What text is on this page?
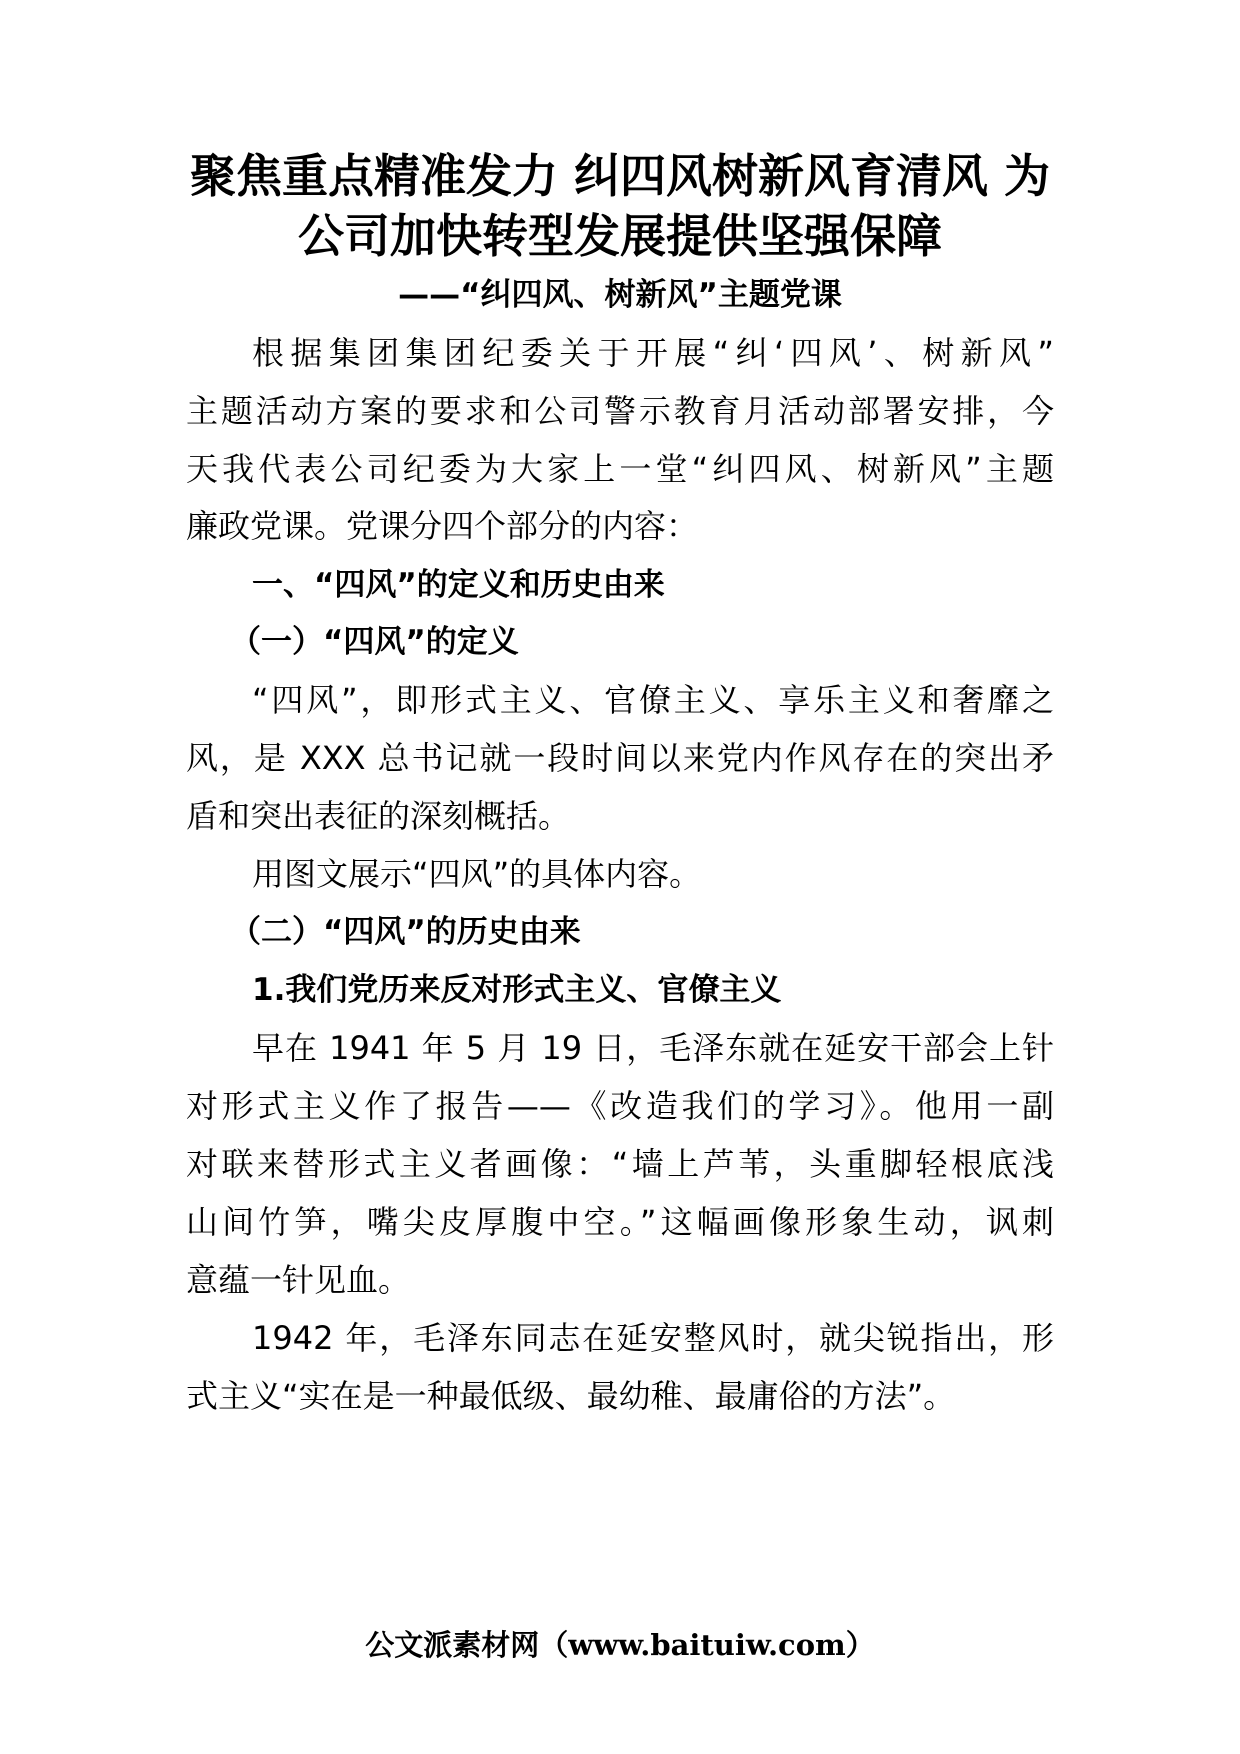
聚焦重点精准发力 纠四风树新风育清风 为
公司加快转型发展提供坚强保障
——“纠四风、树新风”主题党课
根据集团集团纪委关于开展“纠‘四风’、树新风”
主题活动方案的要求和公司警示教育月活动部署安排，今
天我代表公司纪委为大家上一堂“纠四风、树新风”主题
廉政党课。党课分四个部分的内容：
一、“四风”的定义和历史由来
（一）“四风”的定义
“四风”，即形式主义、官僚主义、享乐主义和奢靡之
风，是 XXX 总书记就一段时间以来党内作风存在的突出矛
盾和突出表征的深刻概括。
用图文展示“四风”的具体内容。
（二）“四风”的历史由来
1.我们党历来反对形式主义、官僚主义
早在 1941 年 5 月 19 日，毛泽东就在延安干部会上针
对形式主义作了报告——《改造我们的学习》。他用一副
对联来替形式主义者画像：“墙上芦苇，头重脚轻根底浅
山间竹笋，嘴尖皮厚腹中空。”这幅画像形象生动，讽刺
意蕴一针见血。
1942 年，毛泽东同志在延安整风时，就尖锐指出，形
式主义“实在是一种最低级、最幼稚、最庸俗的方法”。
公文派素材网（www.baituiw.com）
